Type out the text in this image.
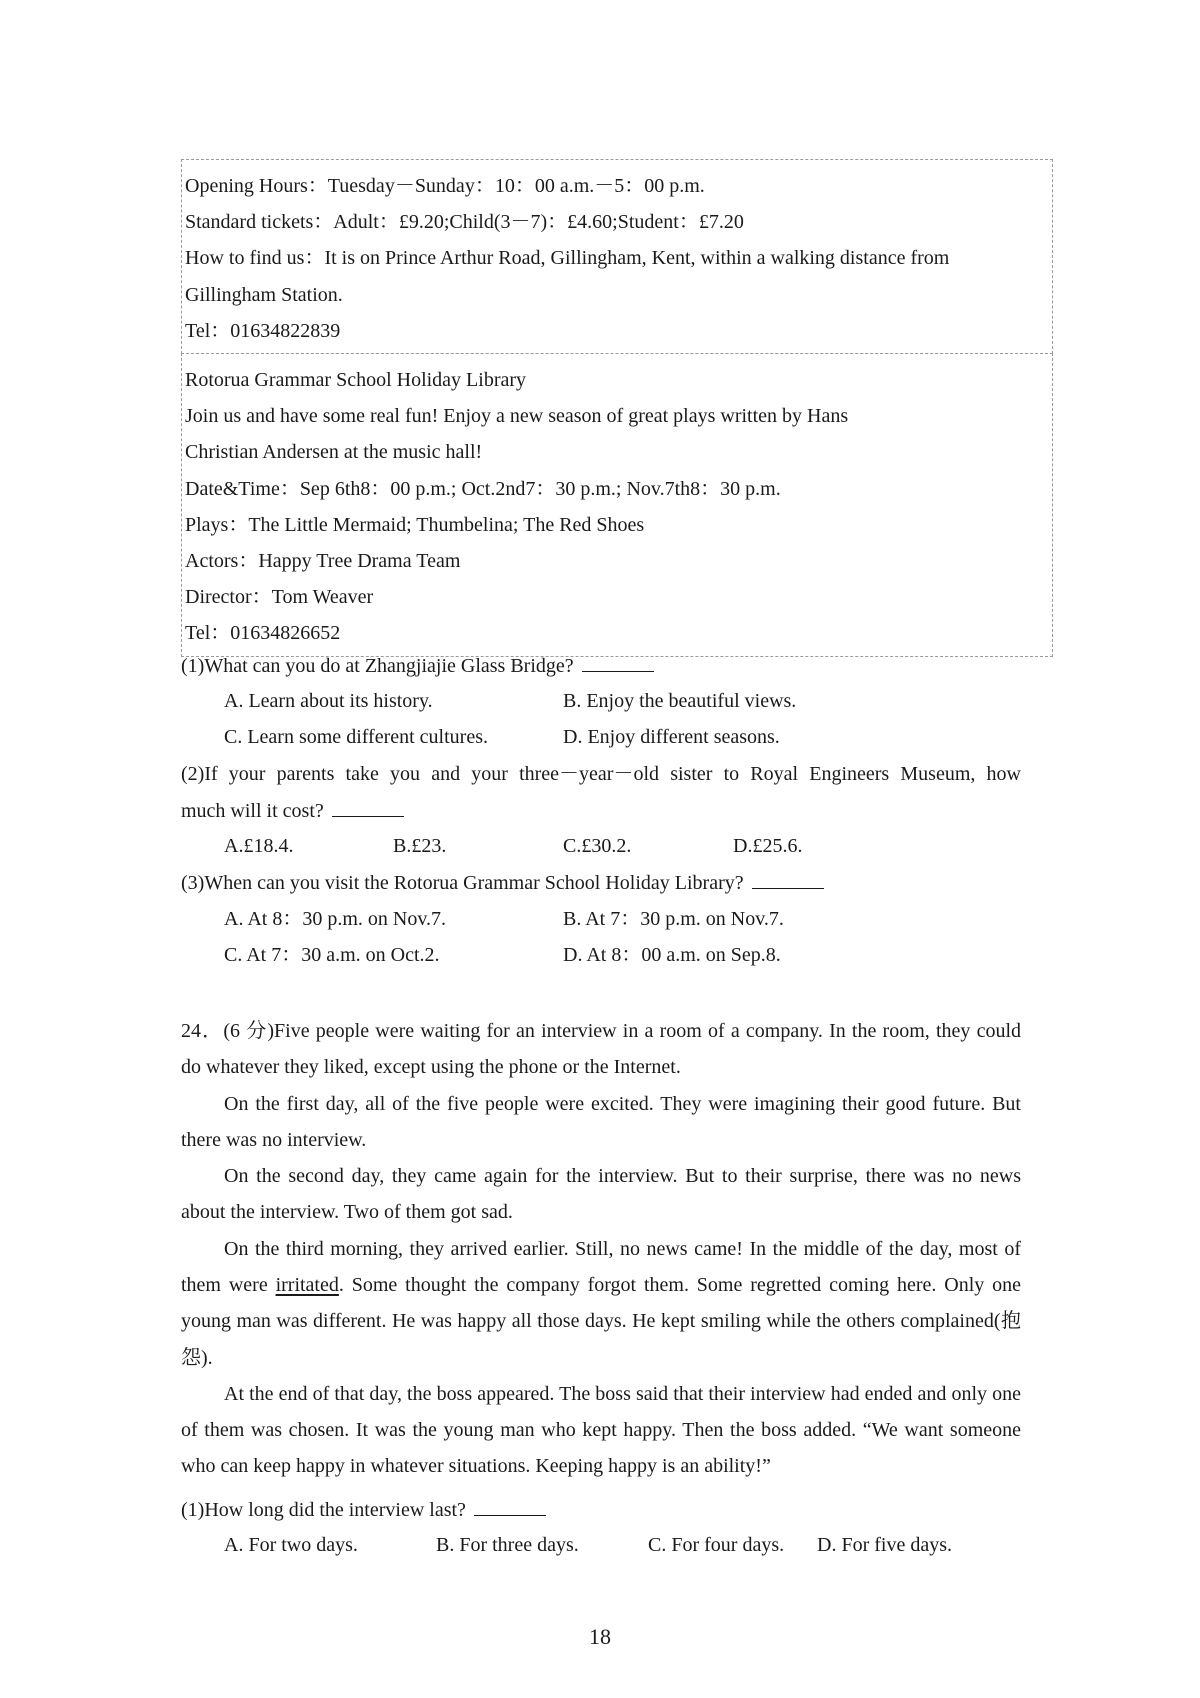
Opening Hours：Tuesday－Sunday：10：00 a.m.－5：00 p.m.

Standard tickets：Adult：£9.20;Child(3－7)：£4.60;Student：£7.20

How to find us：It is on Prince Arthur Road, Gillingham, Kent, within a walking distance from

Gillingham Station.

Tel：01634822839

Rotorua Grammar School Holiday Library

Join us and have some real fun! Enjoy a new season of great plays written by Hans

Christian Andersen at the music hall!

Date&Time：Sep 6th8：00 p.m.; Oct.2nd7：30 p.m.; Nov.7th8：30 p.m.

Plays：The Little Mermaid; Thumbelina; The Red Shoes

Actors：Happy Tree Drama Team

Director：Tom Weaver

Tel：01634826652

(1)What can you do at Zhangjiajie Glass Bridge?
A. Learn about its history.	B. Enjoy the beautiful views.
C. Learn some different cultures.	D. Enjoy different seasons.
(2)If your parents take you and your three－year－old sister to Royal Engineers Museum, how
much will it cost?
A.£18.4.	B.£23.	C.£30.2.	D.£25.6.
(3)When can you visit the Rotorua Grammar School Holiday Library?
A. At 8：30 p.m. on Nov.7.	B. At 7：30 p.m. on Nov.7.
C. At 7：30 a.m. on Oct.2.	D. At 8：00 a.m. on Sep.8.

24．(6 分)Five people were waiting for an interview in a room of a company. In the room, they could do whatever they liked, except using the phone or the Internet.

On the first day, all of the five people were excited. They were imagining their good future. But there was no interview.

On the second day, they came again for the interview. But to their surprise, there was no news about the interview. Two of them got sad.

On the third morning, they arrived earlier. Still, no news came! In the middle of the day, most of them were irritated. Some thought the company forgot them. Some regretted coming here. Only one young man was different. He was happy all those days. He kept smiling while the others complained(抱怨).

At the end of that day, the boss appeared. The boss said that their interview had ended and only one of them was chosen. It was the young man who kept happy. Then the boss added. “We want someone who can keep happy in whatever situations. Keeping happy is an ability!”

(1)How long did the interview last?
A. For two days.	B. For three days.	C. For four days. D. For five days.
18
